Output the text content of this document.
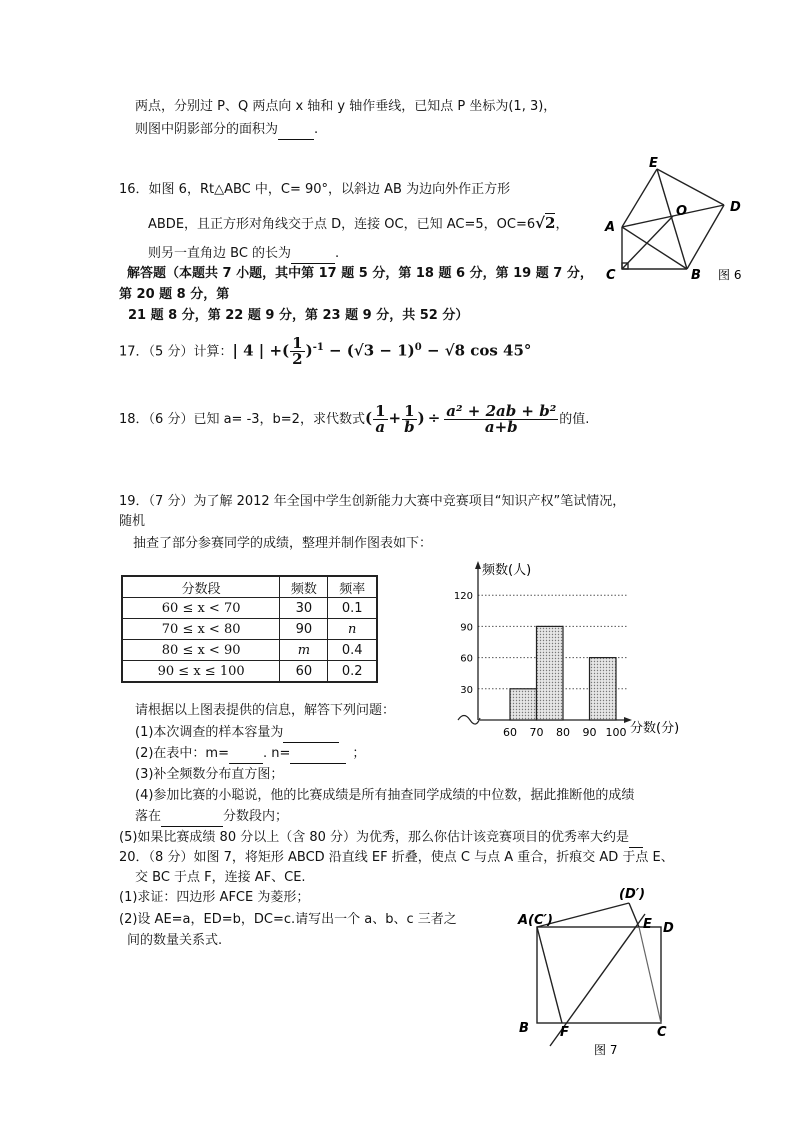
两点，分别过 P、Q 两点向 x 轴和 y 轴作垂线，已知点 P 坐标为(1, 3)，
则图中阴影部分的面积为	.
16．如图 6，Rt△ABC 中，C= 90°，以斜边 AB 为边向外作正方形
ABDE，且正方形对角线交于点 D，连接 OC，已知 AC=5，OC=6√2，
则另一直角边 BC 的长为	.
E
A
O	D
C	B 图 6
解答题（本题共 7 小题，其中第 17 题 5 分，第 18 题 6 分，第 19 题 7 分，
第 20 题 8 分，第
21 题 8 分，第 22 题 9 分，第 23 题 9 分，共 52 分）
17．（5 分）计算：| 4 | +( $\frac{1}{2} )^{-1} - (√3 - 1)^0 - √8$ cos 45°
18．（6 分）已知 a= -3，b=2，求代数式( $\frac{1}{a} + \frac{1}{b}$ ) ÷ $\frac{\text{a² + 2ab + b²}}{a+b}$ 的值.
19．（7 分）为了解 2012 年全国中学生创新能力大赛中竞赛项目“知识产权”笔试情况，
随机
抽查了部分参赛同学的成绩，整理并制作图表如下：
分数段	频数	频率
60 ≤ x < 70	30	0.1
70 ≤ x < 80	90	n
80 ≤ x < 90	m	0.4
90 ≤ x ≤ 100	60	0.2
频数(人)
分数(分)
30
60
90
120
60 70 80 90 100
请根据以上图表提供的信息，解答下列问题：
(1)本次调查的样本容量为
(2)在表中：m=	. n=	；
(3)补全频数分布直方图；
(4)参加比赛的小聪说，他的比赛成绩是所有抽查同学成绩的中位数，据此推断他的成绩
落在	分数段内；
(5)如果比赛成绩 80 分以上（含 80 分）为优秀，那么你估计该竞赛项目的优秀率大约是
20．（8 分）如图 7，将矩形 ABCD 沿直线 EF 折叠，使点 C 与点 A 重合，折痕交 AD 于点 E、
交 BC 于点 F，连接 AF、CE.
(1)求证：四边形 AFCE 为菱形；
(2)设 AE=a，ED=b，DC=c.请写出一个 a、b、c 三者之
间的数量关系式.
A(C′)
(D′)
E D
B F	C
图 7
